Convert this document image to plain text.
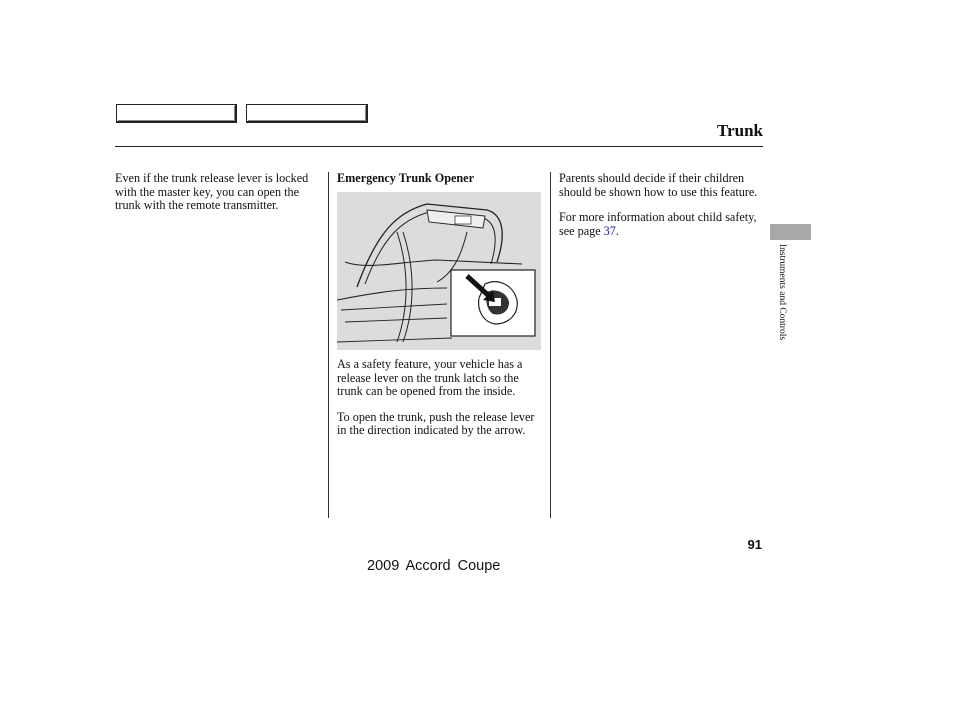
Trunk

Even if the trunk release lever is locked with the master key, you can open the trunk with the remote transmitter.

Emergency Trunk Opener

As a safety feature, your vehicle has a release lever on the trunk latch so the trunk can be opened from the inside.

To open the trunk, push the release lever in the direction indicated by the arrow.

Parents should decide if their children should be shown how to use this feature.

For more information about child safety, see page 37.

Instruments and Controls
91
2009 Accord Coupe
